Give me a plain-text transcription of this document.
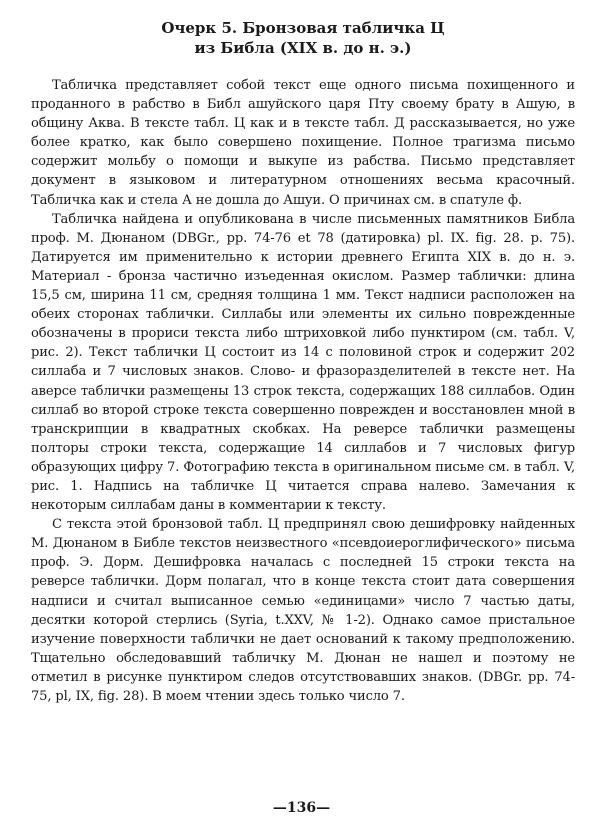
Очерк 5. Бронзовая табличка Ц
из Библа (XIX в. до н. э.)

Табличка представляет собой текст еще одного письма похищенного и проданного в рабство в Библ ашуйского царя Пту своему брату в Ашую, в общину Аква. В тексте табл. Ц как и в тексте табл. Д рассказывается, но уже более кратко, как было совершено похищение. Полное трагизма письмо содержит мольбу о помощи и выкупе из рабства. Письмо представляет документ в языковом и литературном отношениях весьма красочный. Табличка как и стела А не дошла до Ашуи. О причинах см. в спатуле ф.

Табличка найдена и опубликована в числе письменных памятников Библа проф. М. Дюнаном (DBGr., pp. 74-76 et 78 (датировка) pl. IX. fig. 28. p. 75). Датируется им применительно к истории древнего Египта XIX в. до н. э. Материал - бронза частично изъеденная окислом. Размер таблички: длина 15,5 см, ширина 11 см, средняя толщина 1 мм. Текст надписи расположен на обеих сторонах таблички. Силлабы или элементы их сильно поврежденные обозначены в прориси текста либо штриховкой либо пунктиром (см. табл. V, рис. 2). Текст таблички Ц состоит из 14 с половиной строк и содержит 202 силлаба и 7 числовых знаков. Слово- и фразоразделителей в тексте нет. На аверсе таблички размещены 13 строк текста, содержащих 188 силлабов. Один силлаб во второй строке текста совершенно поврежден и восстановлен мной в транскрипции в квадратных скобках. На реверсе таблички размещены полторы строки текста, содержащие 14 силлабов и 7 числовых фигур образующих цифру 7. Фотографию текста в оригинальном письме см. в табл. V, рис. 1. Надпись на табличке Ц читается справа налево. Замечания к некоторым силлабам даны в комментарии к тексту.

С текста этой бронзовой табл. Ц предпринял свою дешифровку найденных М. Дюнаном в Библе текстов неизвестного «псевдоиероглифического» письма проф. Э. Дорм. Дешифровка началась с последней 15 строки текста на реверсе таблички. Дорм полагал, что в конце текста стоит дата совершения надписи и считал выписанное семью «единицами» число 7 частью даты, десятки которой стерлись (Syria, t.XXV, № 1-2). Однако самое пристальное изучение поверхности таблички не дает оснований к такому предположению. Тщательно обследовавший табличку М. Дюнан не нашел и поэтому не отметил в рисунке пунктиром следов отсутствовавших знаков. (DBGr. pp. 74-75, pl, IX, fig. 28). В моем чтении здесь только число 7.

—136—
